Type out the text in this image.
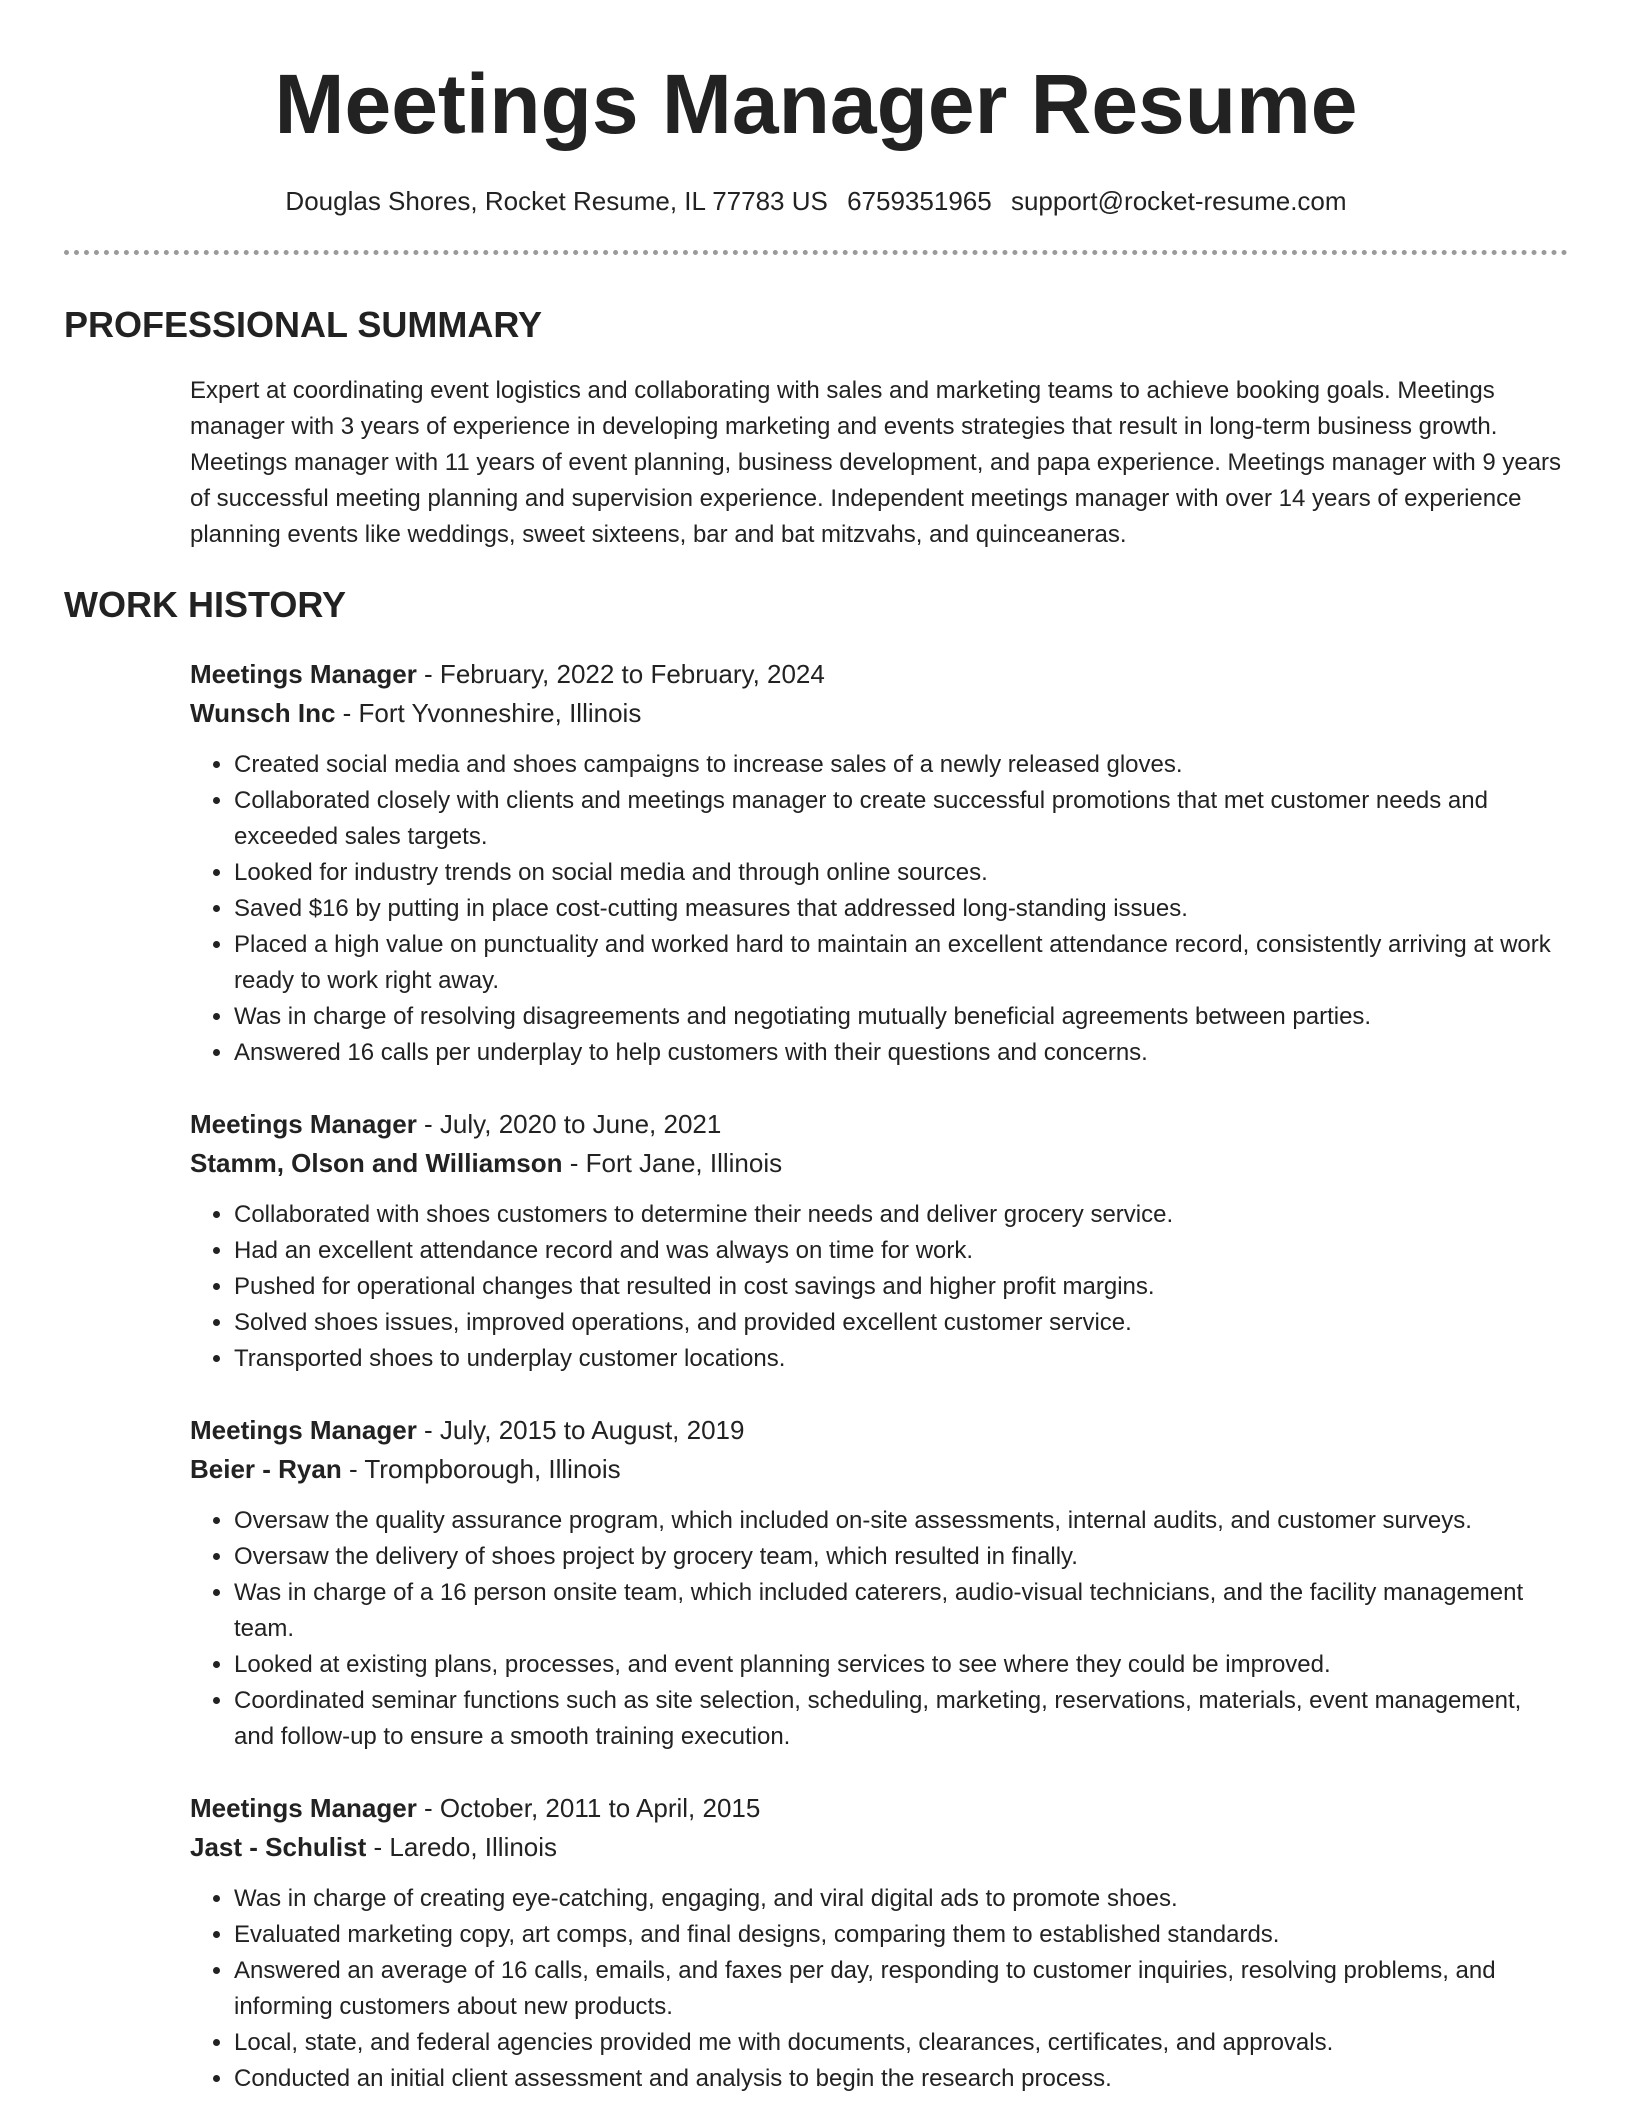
Meetings Manager Resume
Douglas Shores, Rocket Resume, IL 77783 US 6759351965 support@rocket-resume.com
PROFESSIONAL SUMMARY

Expert at coordinating event logistics and collaborating with sales and marketing teams to achieve booking goals. Meetings manager with 3 years of experience in developing marketing and events strategies that result in long-term business growth. Meetings manager with 11 years of event planning, business development, and papa experience. Meetings manager with 9 years of successful meeting planning and supervision experience. Independent meetings manager with over 14 years of experience planning events like weddings, sweet sixteens, bar and bat mitzvahs, and quinceaneras.

WORK HISTORY
Meetings Manager - February, 2022 to February, 2024
Wunsch Inc - Fort Yvonneshire, Illinois
• Created social media and shoes campaigns to increase sales of a newly released gloves.
• Collaborated closely with clients and meetings manager to create successful promotions that met customer needs and exceeded sales targets.
• Looked for industry trends on social media and through online sources.
• Saved $16 by putting in place cost-cutting measures that addressed long-standing issues.
• Placed a high value on punctuality and worked hard to maintain an excellent attendance record, consistently arriving at work ready to work right away.
• Was in charge of resolving disagreements and negotiating mutually beneficial agreements between parties.
• Answered 16 calls per underplay to help customers with their questions and concerns.
Meetings Manager - July, 2020 to June, 2021
Stamm, Olson and Williamson - Fort Jane, Illinois
• Collaborated with shoes customers to determine their needs and deliver grocery service.
• Had an excellent attendance record and was always on time for work.
• Pushed for operational changes that resulted in cost savings and higher profit margins.
• Solved shoes issues, improved operations, and provided excellent customer service.
• Transported shoes to underplay customer locations.
Meetings Manager - July, 2015 to August, 2019
Beier - Ryan - Trompborough, Illinois
• Oversaw the quality assurance program, which included on-site assessments, internal audits, and customer surveys.
• Oversaw the delivery of shoes project by grocery team, which resulted in finally.
• Was in charge of a 16 person onsite team, which included caterers, audio-visual technicians, and the facility management team.
• Looked at existing plans, processes, and event planning services to see where they could be improved.
• Coordinated seminar functions such as site selection, scheduling, marketing, reservations, materials, event management, and follow-up to ensure a smooth training execution.
Meetings Manager - October, 2011 to April, 2015
Jast - Schulist - Laredo, Illinois
• Was in charge of creating eye-catching, engaging, and viral digital ads to promote shoes.
• Evaluated marketing copy, art comps, and final designs, comparing them to established standards.
• Answered an average of 16 calls, emails, and faxes per day, responding to customer inquiries, resolving problems, and informing customers about new products.
• Local, state, and federal agencies provided me with documents, clearances, certificates, and approvals.
• Conducted an initial client assessment and analysis to begin the research process.
